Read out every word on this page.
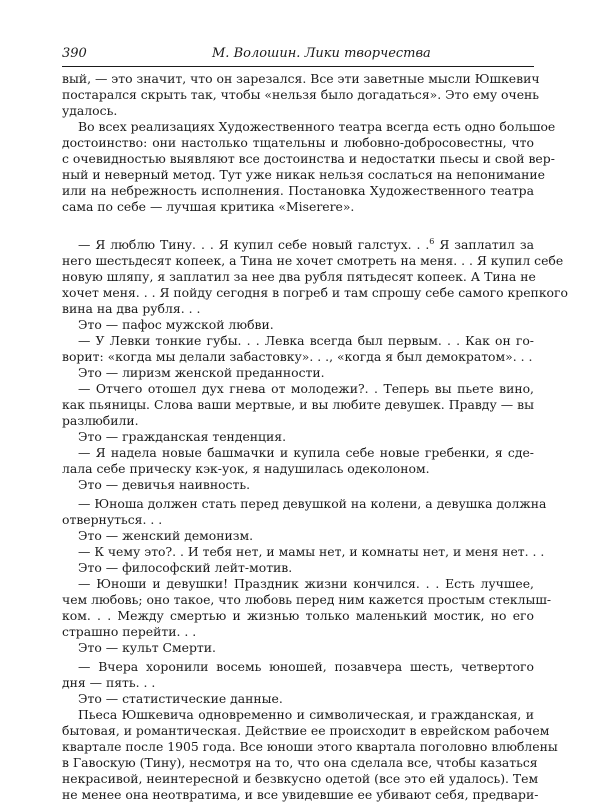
390	М. Волошин. Лики творчества
вый, — это значит, что он зарезался. Все эти заветные мысли Юшкевич
постарался скрыть так, чтобы «нельзя было догадаться». Это ему очень
удалось.
Во всех реализациях Художественного театра всегда есть одно большое
достоинство: они настолько тщательны и любовно-добросовестны, что
с очевидностью выявляют все достоинства и недостатки пьесы и свой вер-
ный и неверный метод. Тут уже никак нельзя сослаться на непонимание
или на небрежность исполнения. Постановка Художественного театра
сама по себе — лучшая критика «Miserere».
— Я люблю Тину. . . Я купил себе новый галстух. . .$^6$ Я заплатил за
него шестьдесят копеек, а Тина не хочет смотреть на меня. . . Я купил себе
новую шляпу, я заплатил за нее два рубля пятьдесят копеек. А Тина не
хочет меня. . . Я пойду сегодня в погреб и там спрошу себе самого крепкого
вина на два рубля. . .
Это — пафос мужской любви.
— У Левки тонкие губы. . . Левка всегда был первым. . . Как он го-
ворит: «когда мы делали забастовку». . ., «когда я был демократом». . .
Это — лиризм женской преданности.
— Отчего отошел дух гнева от молодежи?. . Теперь вы пьете вино,
как пьяницы. Слова ваши мертвые, и вы любите девушек. Правду — вы
разлюбили.
Это — гражданская тенденция.
— Я надела новые башмачки и купила себе новые гребенки, я сде-
лала себе прическу кэк-уок, я надушилась одеколоном.
Это — девичья наивность.
— Юноша должен стать перед девушкой на колени, а девушка должна
отвернуться. . .
Это — женский демонизм.
— К чему это?. . И тебя нет, и мамы нет, и комнаты нет, и меня нет. . .
Это — философский лейт-мотив.
— Юноши и девушки! Праздник жизни кончился. . . Есть лучшее,
чем любовь; оно такое, что любовь перед ним кажется простым стеклыш-
ком. . . Между смертью и жизнью только маленький мостик, но его
страшно перейти. . .
Это — культ Смерти.
— Вчера хоронили восемь юношей, позавчера шесть, четвертого
дня — пять. . .
Это — статистические данные.
Пьеса Юшкевича одновременно и символическая, и гражданская, и
бытовая, и романтическая. Действие ее происходит в еврейском рабочем
квартале после 1905 года. Все юноши этого квартала поголовно влюблены
в Гавоскую (Тину), несмотря на то, что она сделала все, чтобы казаться
некрасивой, неинтересной и безвкусно одетой (все это ей удалось). Тем
не менее она неотвратима, и все увидевшие ее убивают себя, предвари-
